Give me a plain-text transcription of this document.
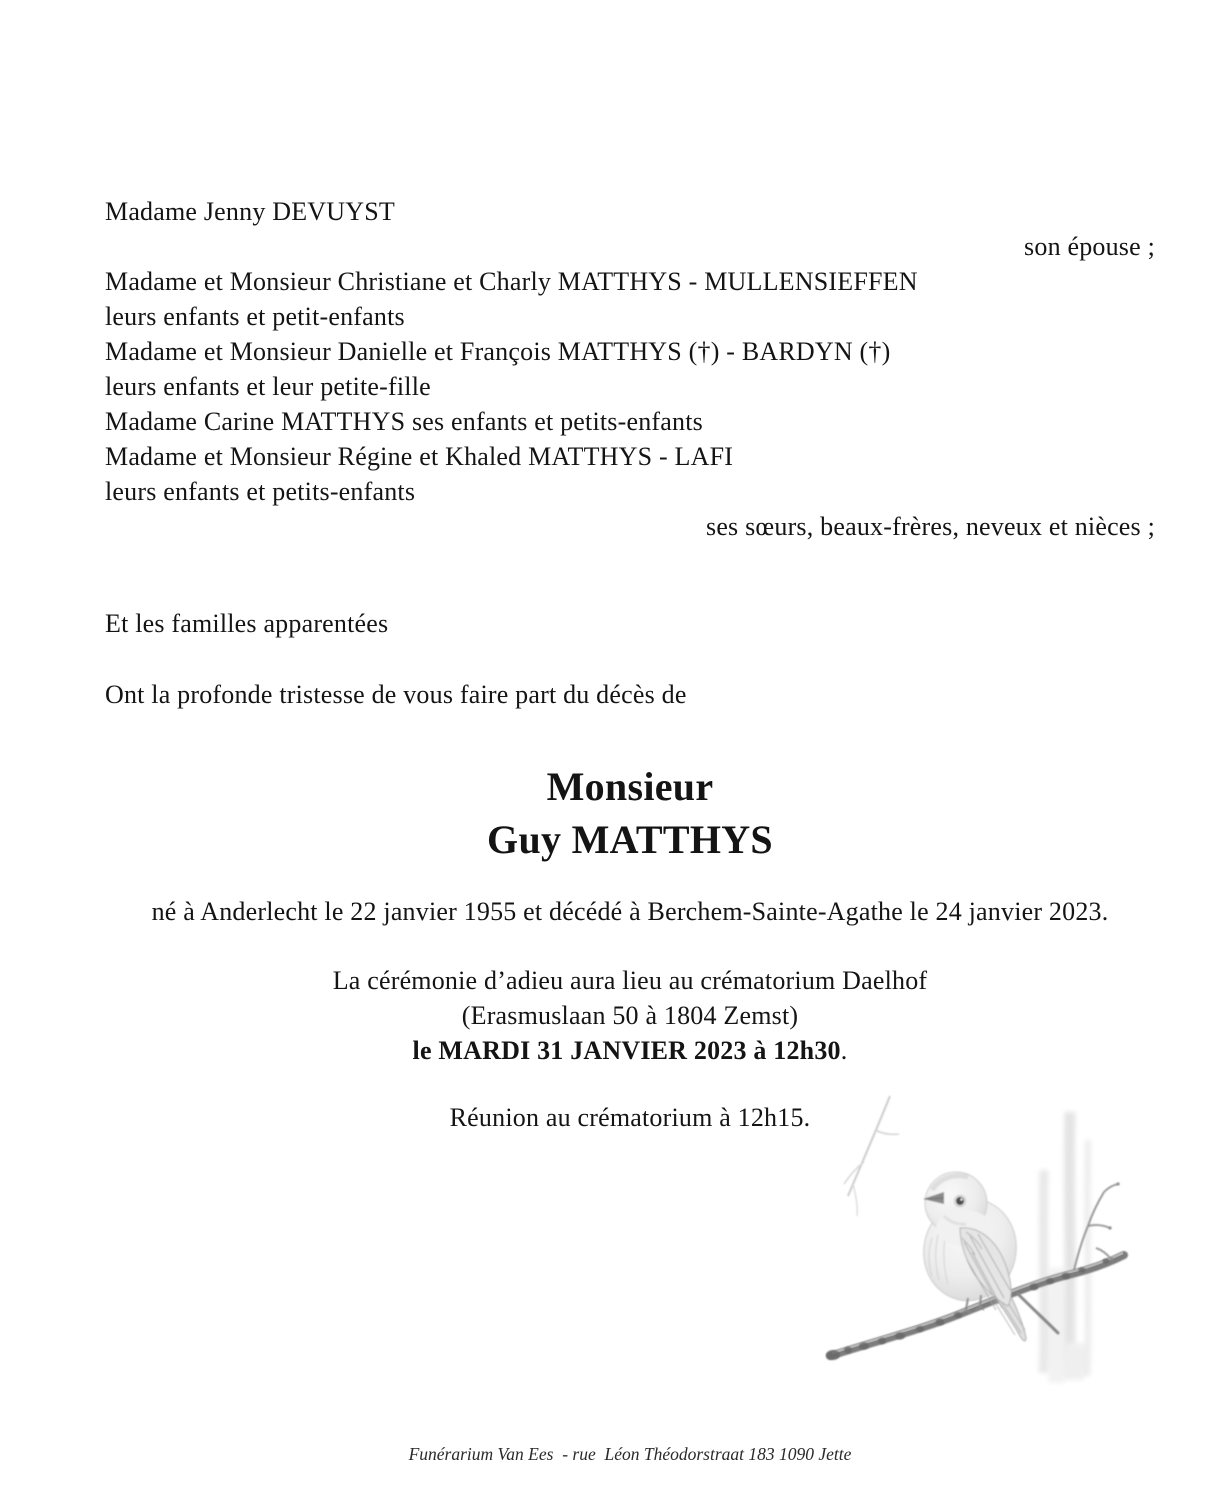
Madame Jenny DEVUYST
son épouse ;
Madame et Monsieur Christiane et Charly MATTHYS - MULLENSIEFFEN
leurs enfants et petit-enfants
Madame et Monsieur Danielle et François MATTHYS (†) - BARDYN (†)
leurs enfants et leur petite-fille
Madame Carine MATTHYS ses enfants et petits-enfants
Madame et Monsieur Régine et Khaled MATTHYS - LAFI
leurs enfants et petits-enfants
ses sœurs, beaux-frères, neveux et nièces ;
Et les familles apparentées
Ont la profonde tristesse de vous faire part du décès de
Monsieur
Guy MATTHYS
né à Anderlecht le 22 janvier 1955 et décédé à Berchem-Sainte-Agathe le 24 janvier 2023.
La cérémonie d’adieu aura lieu au crématorium Daelhof
(Erasmuslaan 50 à 1804 Zemst)
le MARDI 31 JANVIER 2023 à 12h30.
Réunion au crématorium à 12h15.
Funérarium Van Ees  - rue  Léon Théodorstraat 183 1090 Jette
